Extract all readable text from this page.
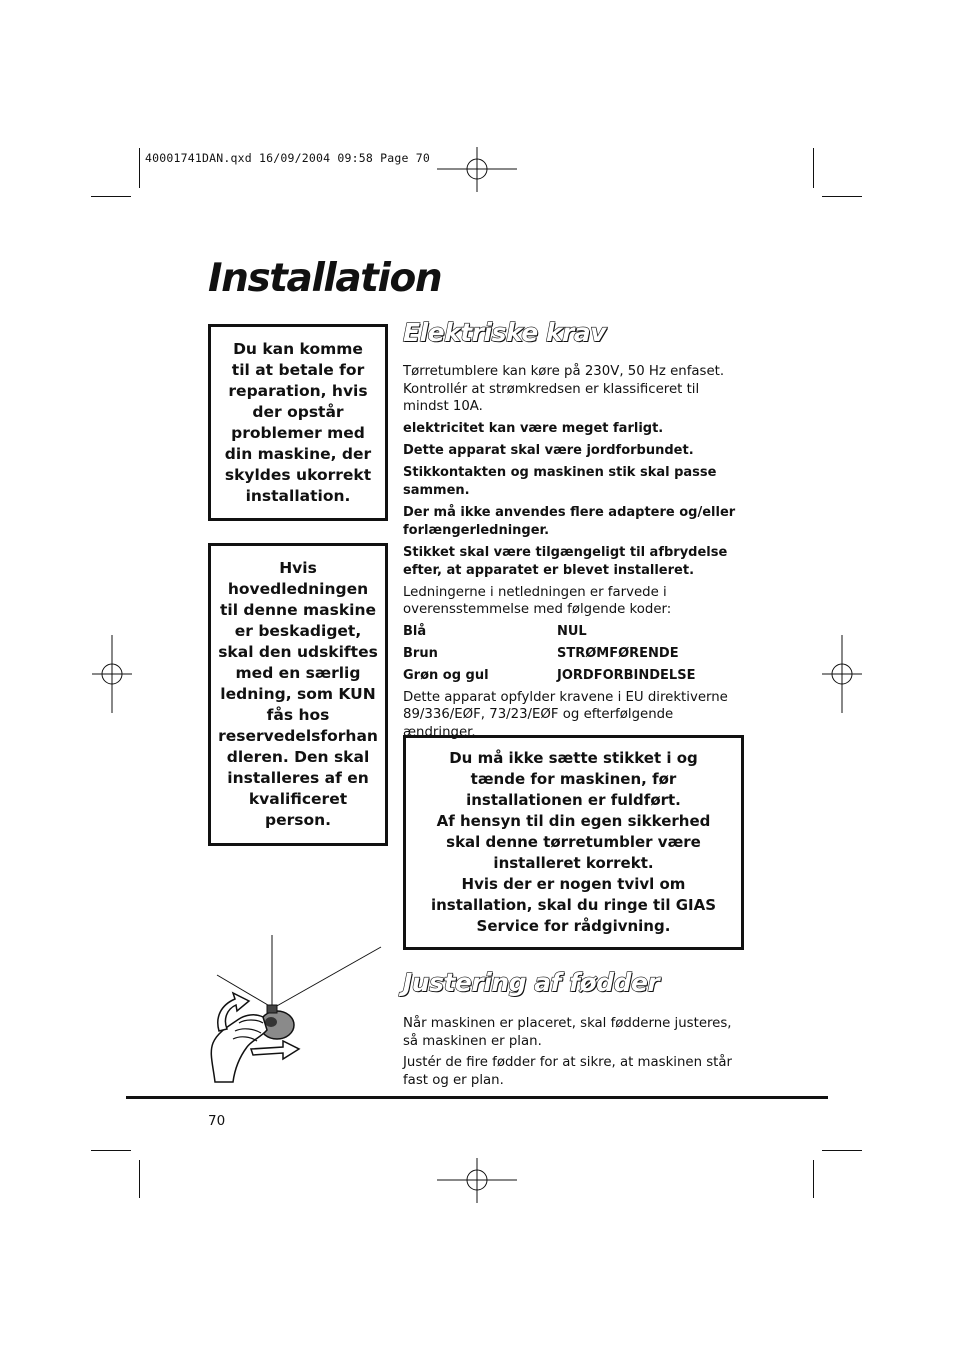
40001741DAN.qxd 16/09/2004 09:58 Page 70
Installation

Du kan komme til at betale for reparation, hvis der opstår problemer med din maskine, der skyldes ukorrekt installation.

Hvis hovedledningen til denne maskine er beskadiget, skal den udskiftes med en særlig ledning, som KUN fås hos reservedelsforhan dleren. Den skal installeres af en kvalificeret person.

Elektriske krav

Tørretumblere kan køre på 230V, 50 Hz enfaset. Kontrollér at strømkredsen er klassificeret til mindst 10A.

elektricitet kan være meget farligt.

Dette apparat skal være jordforbundet.

Stikkontakten og maskinen stik skal passe sammen.

Der må ikke anvendes flere adaptere og/eller forlængerledninger.

Stikket skal være tilgængeligt til afbrydelse efter, at apparatet er blevet installeret.

Ledningerne i netledningen er farvede i overensstemmelse med følgende koder:

Blå	NUL
Brun	STRØMFØRENDE
Grøn og gul	JORDFORBINDELSE

Dette apparat opfylder kravene i EU direktiverne 89/336/EØF, 73/23/EØF og efterfølgende ændringer.

Du må ikke sætte stikket i og tænde for maskinen, før installationen er fuldført.

Af hensyn til din egen sikkerhed skal denne tørretumbler være installeret korrekt.

Hvis der er nogen tvivl om installation, skal du ringe til GIAS Service for rådgivning.

Justering af fødder

Når maskinen er placeret, skal fødderne justeres, så maskinen er plan.

Justér de fire fødder for at sikre, at maskinen står fast og er plan.

70
